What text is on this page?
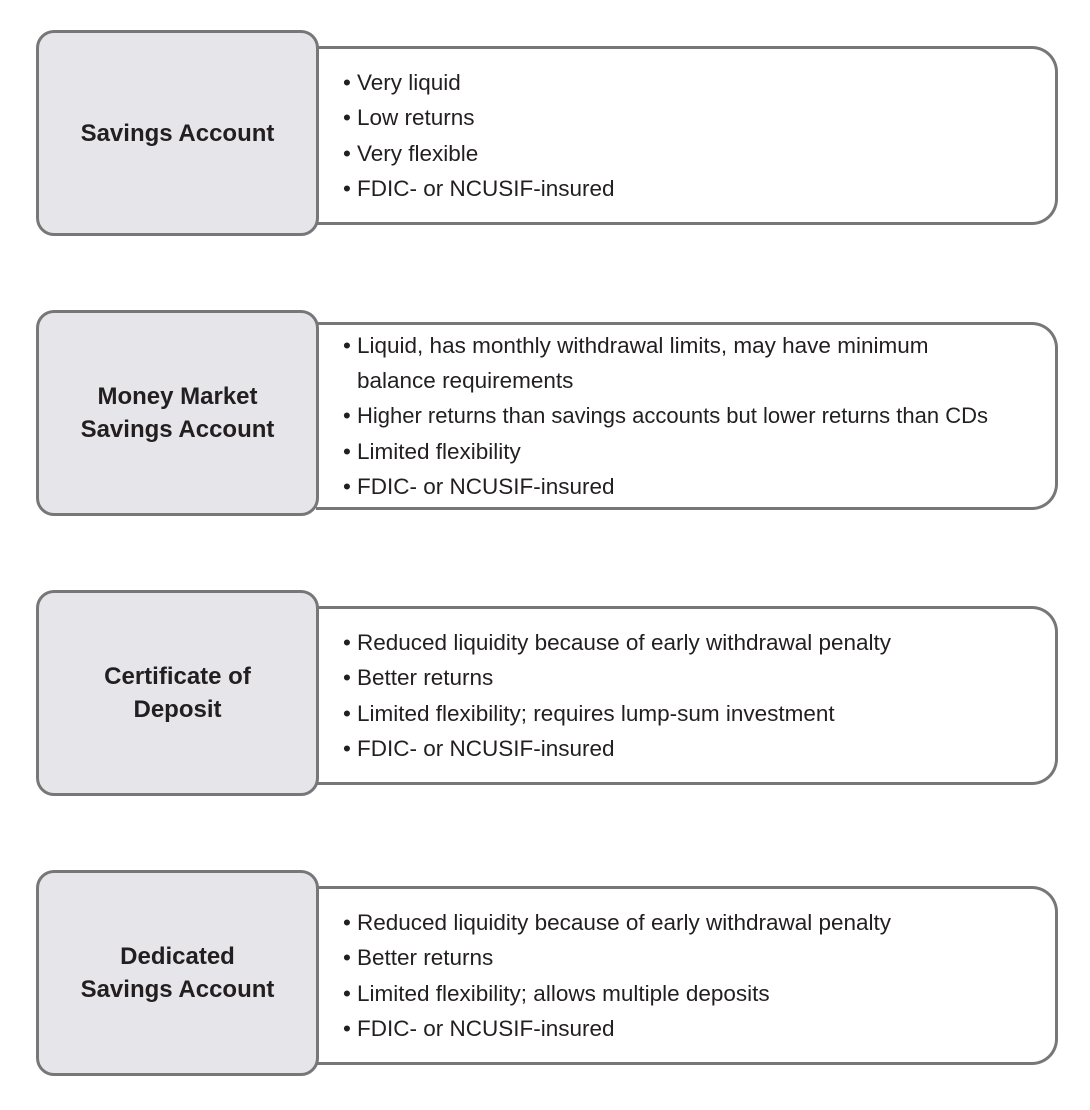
Savings Account
• Very liquid
• Low returns
• Very flexible
• FDIC- or NCUSIF-insured
Money Market
Savings Account
• Liquid, has monthly withdrawal limits, may have minimum balance requirements
• Higher returns than savings accounts but lower returns than CDs
• Limited flexibility
• FDIC- or NCUSIF-insured
Certificate of
Deposit
• Reduced liquidity because of early withdrawal penalty
• Better returns
• Limited flexibility; requires lump-sum investment
• FDIC- or NCUSIF-insured
Dedicated
Savings Account
• Reduced liquidity because of early withdrawal penalty
• Better returns
• Limited flexibility; allows multiple deposits
• FDIC- or NCUSIF-insured
